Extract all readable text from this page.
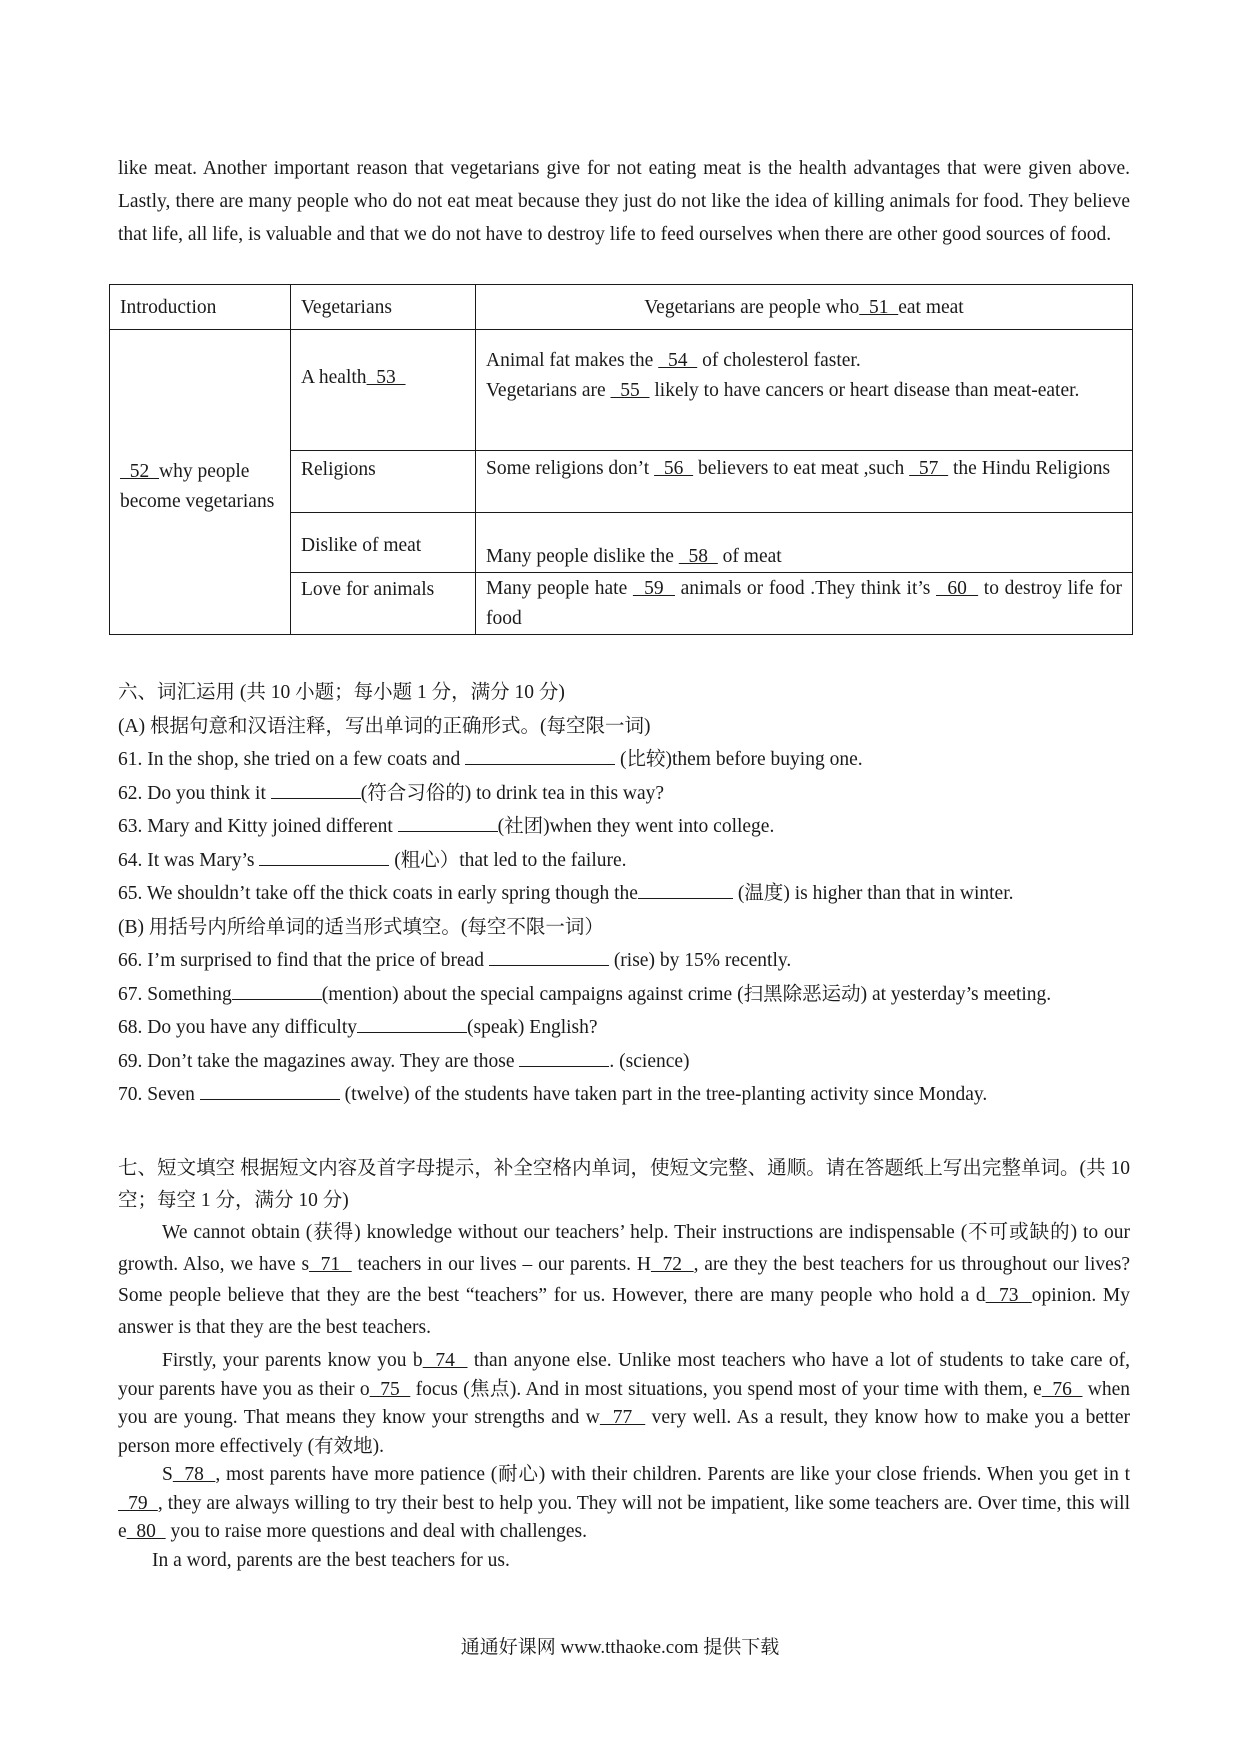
like meat. Another important reason that vegetarians give for not eating meat is the health advantages that were given above. Lastly, there are many people who do not eat meat because they just do not like the idea of killing animals for food. They believe that life, all life, is valuable and that we do not have to destroy life to feed ourselves when there are other good sources of food.

Introduction	Vegetarians	Vegetarians are people who  51  eat meat

52  why people become vegetarians	A health  53	Animal fat makes the   54   of cholesterol faster.
Vegetarians are   55   likely to have cancers or heart disease than meat-eater.

	Religions	Some religions don’t   56   believers to eat meat ,such   57   the Hindu Religions
	Dislike of meat	Many people dislike the   58   of meat
	Love for animals	Many people hate   59   animals or food .They think it’s   60   to destroy life for food

六、词汇运用 (共 10 小题；每小题 1 分，满分 10 分)

(A) 根据句意和汉语注释，写出单词的正确形式。(每空限一词)

61. In the shop, she tried on a few coats and	(比较)them before buying one.

62. Do you think it	(符合习俗的) to drink tea in this way?

63. Mary and Kitty joined different	(社团)when they went into college.

64. It was Mary’s	(粗心）that led to the failure.

65. We shouldn’t take off the thick coats in early spring though the	(温度) is higher than that in winter.

(B) 用括号内所给单词的适当形式填空。(每空不限一词）

66. I’m surprised to find that the price of bread	(rise) by 15% recently.

67. Something	(mention) about the special campaigns against crime (扫黑除恶运动) at yesterday’s meeting.

68. Do you have any difficulty	(speak) English?

69. Don’t take the magazines away. They are those	. (science)

70. Seven	(twelve) of the students have taken part in the tree-planting activity since Monday.

七、短文填空 根据短文内容及首字母提示，补全空格内单词，使短文完整、通顺。请在答题纸上写出完整单词。(共 10 空；每空 1 分，满分 10 分)

We cannot obtain (获得) knowledge without our teachers’ help. Their instructions are indispensable (不可或缺的) to our growth. Also, we have s  71   teachers in our lives – our parents. H  72  , are they the best teachers for us throughout our lives? Some people believe that they are the best “teachers” for us. However, there are many people who hold a d  73  opinion. My answer is that they are the best teachers.

Firstly, your parents know you b  74   than anyone else. Unlike most teachers who have a lot of students to take care of, your parents have you as their o  75   focus (焦点). And in most situations, you spend most of your time with them, e  76   when you are young. That means they know your strengths and w  77   very well. As a result, they know how to make you a better person more effectively (有效地).

S  78  , most parents have more patience (耐心) with their children. Parents are like your close friends. When you get in t  79  , they are always willing to try their best to help you. They will not be impatient, like some teachers are. Over time, this will e  80   you to raise more questions and deal with challenges.

In a word, parents are the best teachers for us.

通通好课网 www.tthaoke.com 提供下载
